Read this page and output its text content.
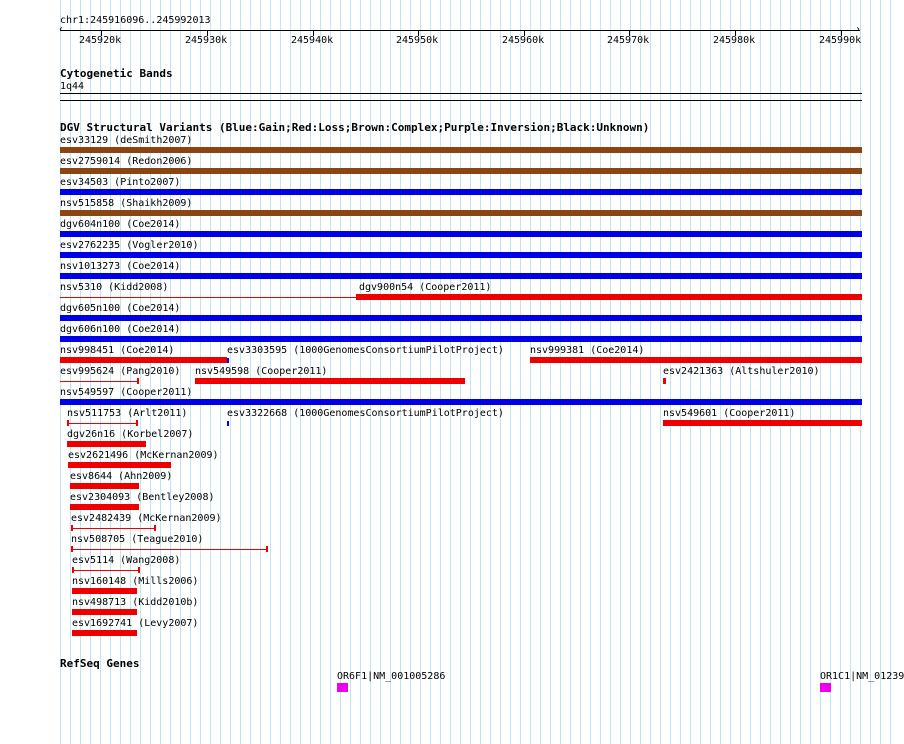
chr1:245916096..245992013
‹	›
245920k	245930k	245940k	245950k	245960k	245970k	245980k	245990k
Cytogenetic Bands
1q44
DGV Structural Variants (Blue:Gain;Red:Loss;Brown:Complex;Purple:Inversion;Black:Unknown)
esv33129 (deSmith2007)
esv2759014 (Redon2006)
esv34503 (Pinto2007)
nsv515858 (Shaikh2009)
dgv604n100 (Coe2014)
esv2762235 (Vogler2010)
nsv1013273 (Coe2014)
nsv5310 (Kidd2008)	dgv900n54 (Cooper2011)
dgv605n100 (Coe2014)
dgv606n100 (Coe2014)
nsv998451 (Coe2014)	esv3303595 (1000GenomesConsortiumPilotProject)	nsv999381 (Coe2014)
esv995624 (Pang2010) nsv549598 (Cooper2011)	esv2421363 (Altshuler2010)
nsv549597 (Cooper2011)
nsv511753 (Arlt2011)	esv3322668 (1000GenomesConsortiumPilotProject)	nsv549601 (Cooper2011)
dgv26n16 (Korbel2007)
esv2621496 (McKernan2009)
esv8644 (Ahn2009)
esv2304093 (Bentley2008)
esv2482439 (McKernan2009)
nsv508705 (Teague2010)
esv5114 (Wang2008)
nsv160148 (Mills2006)
nsv498713 (Kidd2010b)
esv1692741 (Levy2007)
RefSeq Genes
OR6F1|NM_001005286	OR1C1|NM_01239
